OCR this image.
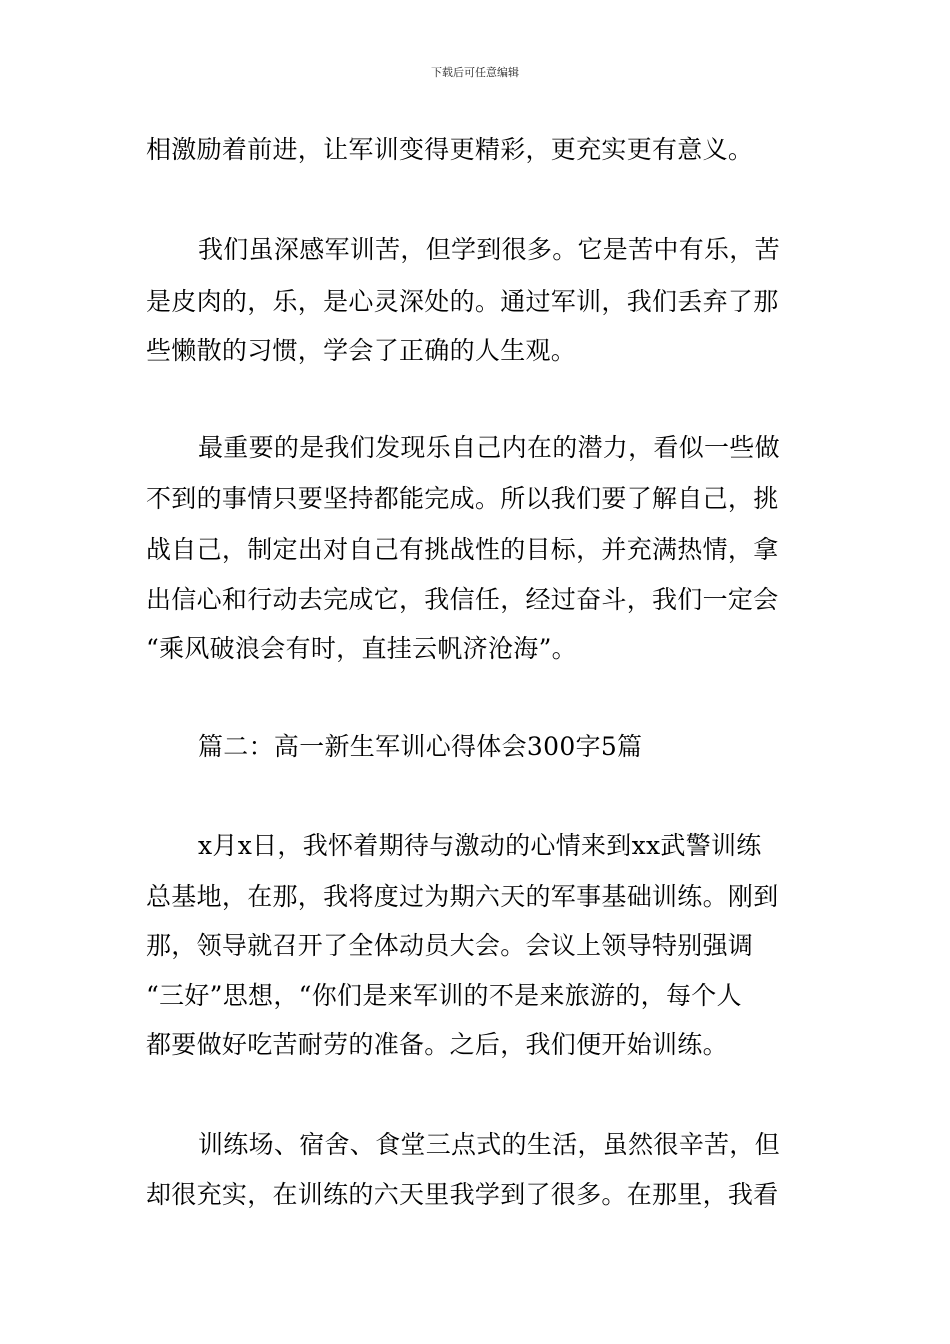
下载后可任意编辑
相激励着前进，让军训变得更精彩，更充实更有意义。
我们虽深感军训苦，但学到很多。它是苦中有乐，苦
是皮肉的，乐，是心灵深处的。通过军训，我们丢弃了那
些懒散的习惯，学会了正确的人生观。
最重要的是我们发现乐自己内在的潜力，看似一些做
不到的事情只要坚持都能完成。所以我们要了解自己，挑
战自己，制定出对自己有挑战性的目标，并充满热情，拿
出信心和行动去完成它，我信任，经过奋斗，我们一定会
“乘风破浪会有时，直挂云帆济沧海”。
篇二：高一新生军训心得体会300字5篇
x月x日，我怀着期待与激动的心情来到xx武警训练
总基地，在那，我将度过为期六天的军事基础训练。刚到
那，领导就召开了全体动员大会。会议上领导特别强调
“三好”思想，“你们是来军训的不是来旅游的，每个人
都要做好吃苦耐劳的准备。之后，我们便开始训练。
训练场、宿舍、食堂三点式的生活，虽然很辛苦，但
却很充实，在训练的六天里我学到了很多。在那里，我看
